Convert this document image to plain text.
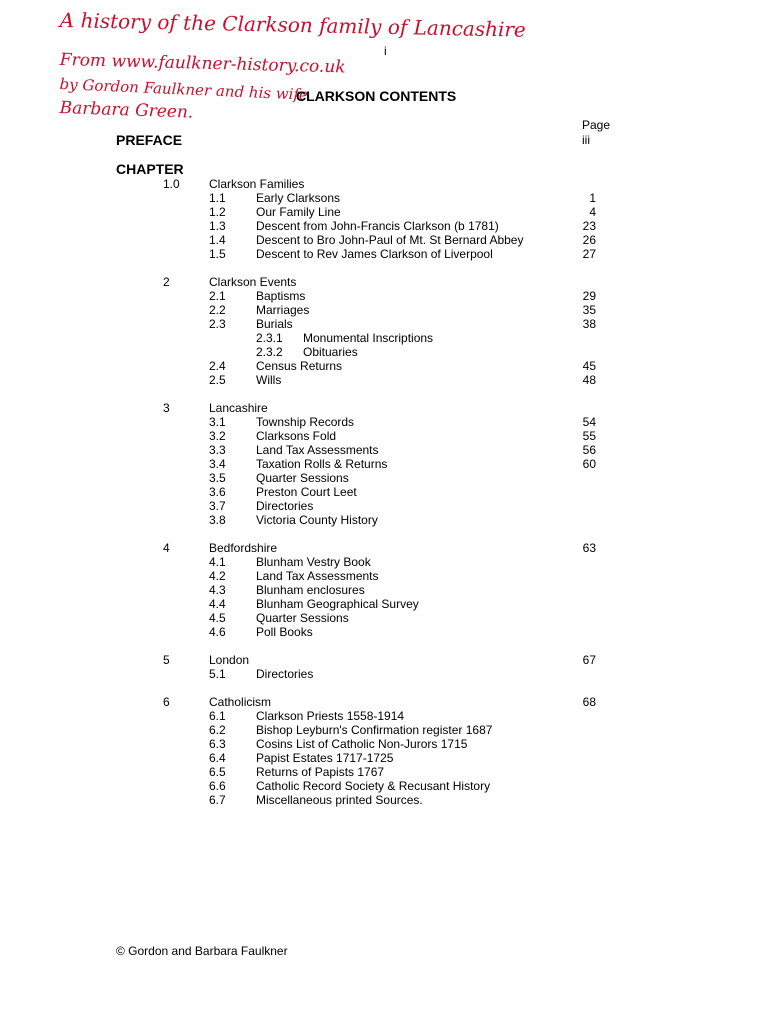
A history of the Clarkson family of Lancashire
From www.faulkner-history.co.uk
by Gordon Faulkner and his wife
Barbara Green.
i
CLARKSON CONTENTS
Page
PREFACE	iii
CHAPTER
1.0 Clarkson Families
1.1	Early Clarksons	1
1.2	Our Family Line	4
1.3	Descent from John-Francis Clarkson (b 1781)	23
1.4	Descent to Bro John-Paul of Mt. St Bernard Abbey	26
1.5	Descent to Rev James Clarkson of Liverpool	27
2	Clarkson Events
2.1	Baptisms	29
2.2	Marriages	35
2.3	Burials	38
2.3.1 Monumental Inscriptions
2.3.2 Obituaries
2.4	Census Returns	45
2.5	Wills	48
3	Lancashire
3.1	Township Records	54
3.2	Clarksons Fold	55
3.3	Land Tax Assessments	56
3.4	Taxation Rolls & Returns	60
3.5	Quarter Sessions
3.6	Preston Court Leet
3.7	Directories
3.8	Victoria County History
4	Bedfordshire	63
4.1	Blunham Vestry Book
4.2	Land Tax Assessments
4.3	Blunham enclosures
4.4	Blunham Geographical Survey
4.5	Quarter Sessions
4.6	Poll Books
5	London	67
5.1	Directories
6	Catholicism	68
6.1	Clarkson Priests 1558-1914
6.2	Bishop Leyburn's Confirmation register 1687
6.3	Cosins List of Catholic Non-Jurors 1715
6.4	Papist Estates 1717-1725
6.5	Returns of Papists 1767
6.6	Catholic Record Society & Recusant History
6.7	Miscellaneous printed Sources.
© Gordon and Barbara Faulkner
